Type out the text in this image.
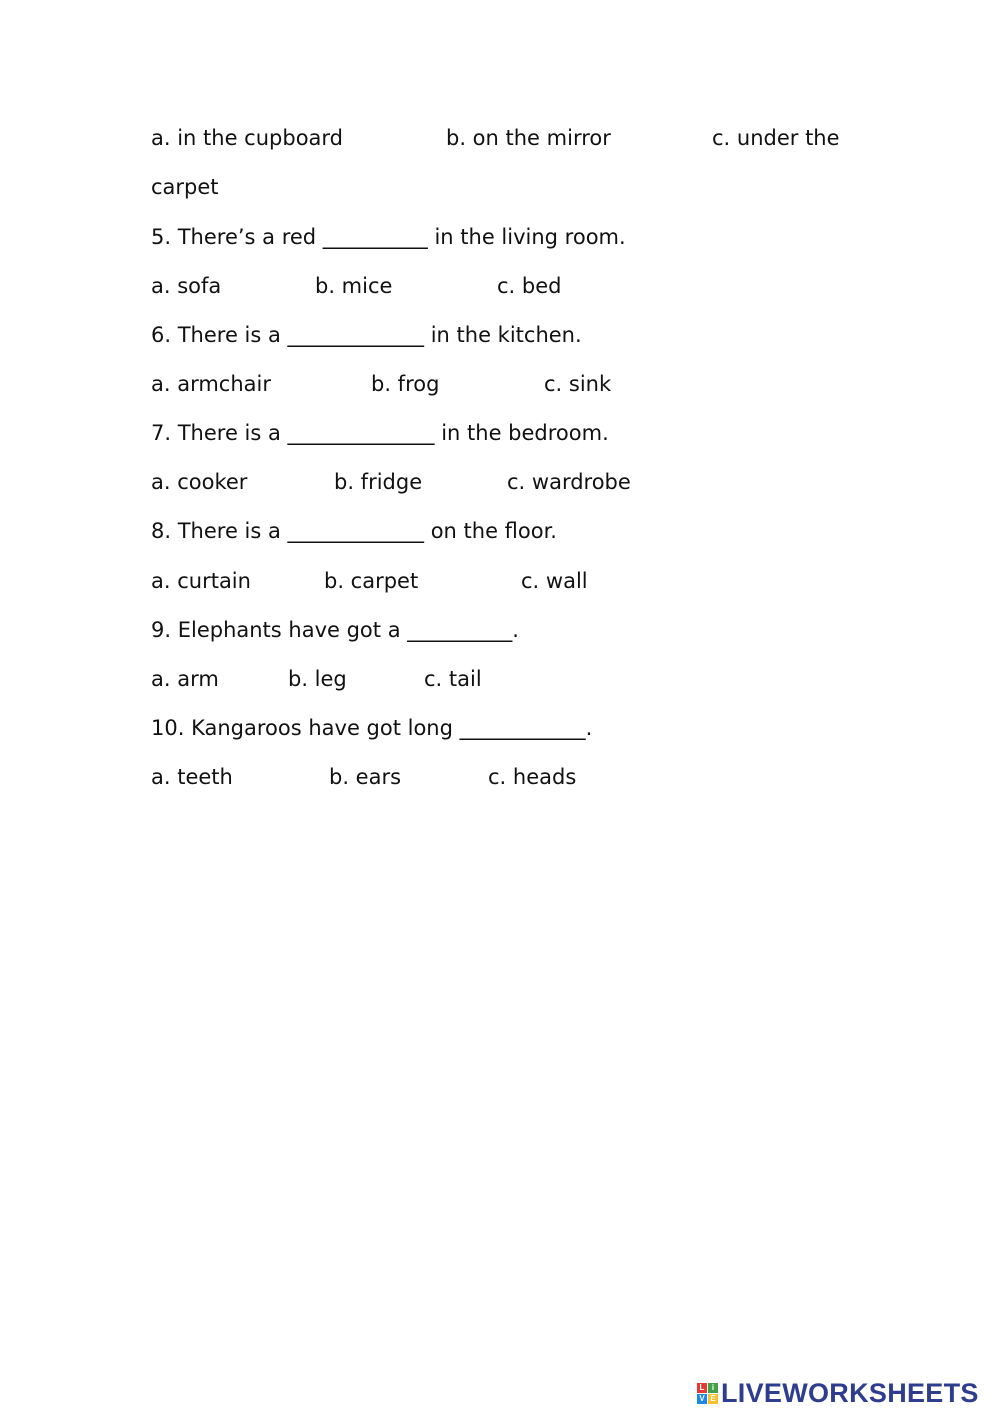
a. in the cupboard

	b. on the mirror

	c. under the

carpet
5. There’s a red __________ in the living room.

a. sofa

	b. mice

	c. bed

6. There is a _____________ in the kitchen.

a. armchair

	b. frog

	c. sink

7. There is a ______________ in the bedroom.

a. cooker

	b. fridge

	c. wardrobe

8. There is a _____________ on the floor.

a. curtain

	b. carpet

	c. wall

9. Elephants have got a __________.

a. arm

	b. leg

	c. tail

10. Kangaroos have got long ____________.

a. teeth

	b. ears

	c. heads

L i
V E LIVEWORKSHEETS
